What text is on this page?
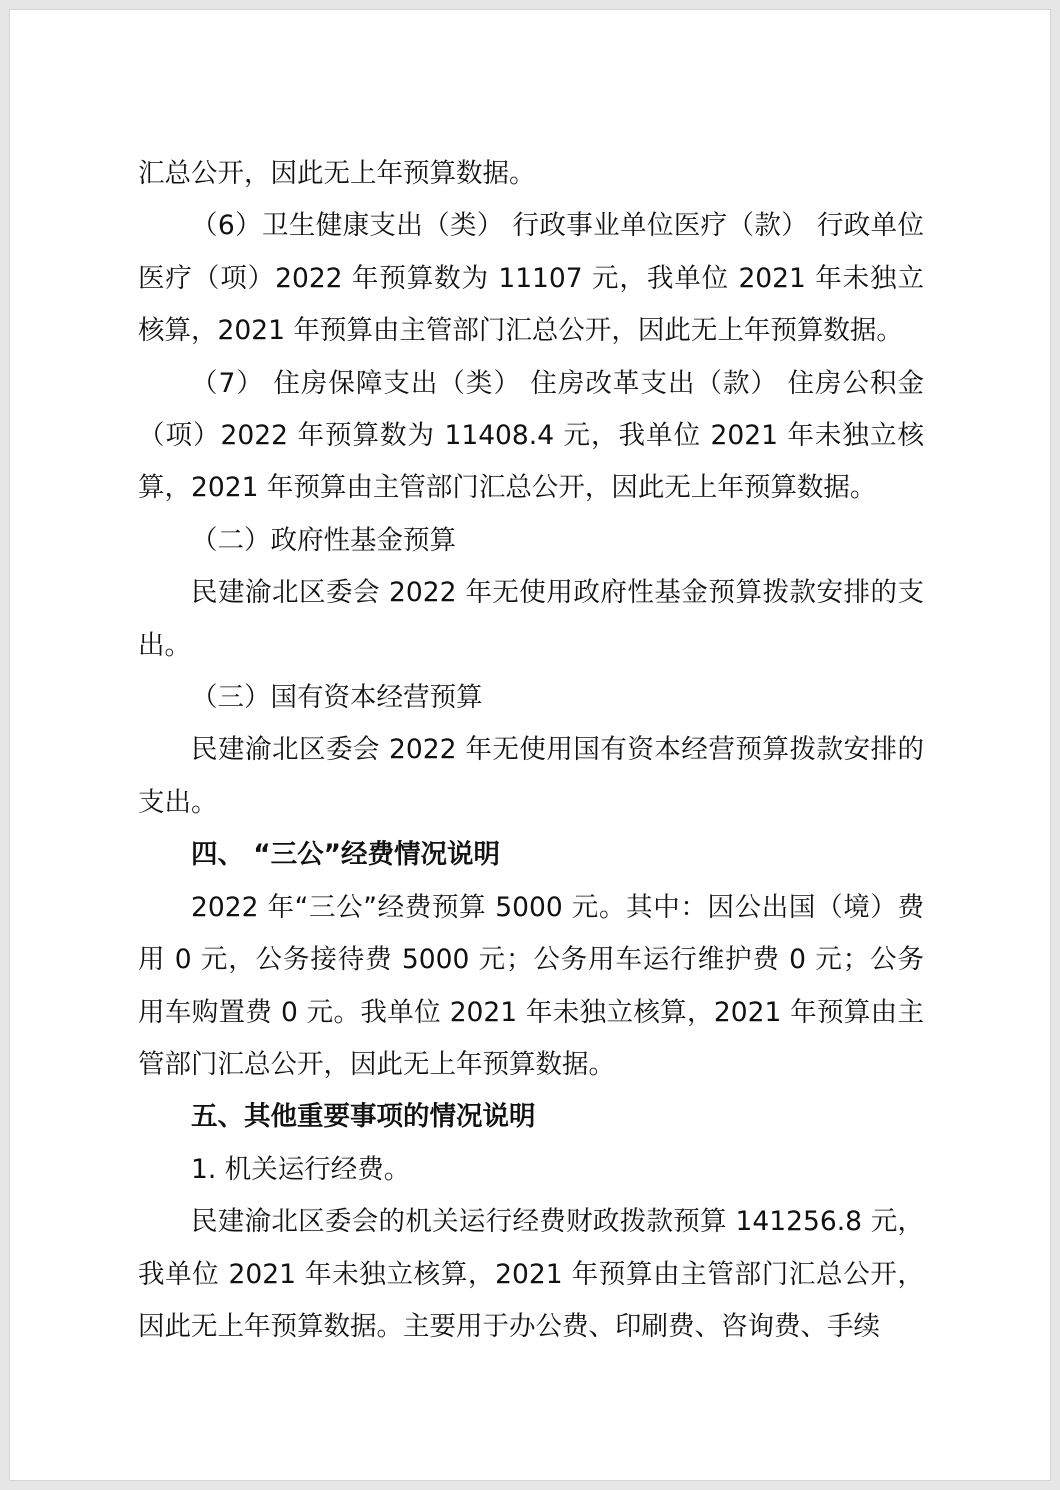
汇总公开，因此无上年预算数据。

（6）卫生健康支出（类） 行政事业单位医疗（款） 行政单位医疗（项）2022 年预算数为 11107 元，我单位 2021 年未独立核算，2021 年预算由主管部门汇总公开，因此无上年预算数据。

（7） 住房保障支出（类） 住房改革支出（款） 住房公积金（项）2022 年预算数为 11408.4 元，我单位 2021 年未独立核算，2021 年预算由主管部门汇总公开，因此无上年预算数据。

（二）政府性基金预算

民建渝北区委会 2022 年无使用政府性基金预算拨款安排的支出。

（三）国有资本经营预算

民建渝北区委会 2022 年无使用国有资本经营预算拨款安排的支出。

四、 “三公”经费情况说明

2022 年“三公”经费预算 5000 元。其中：因公出国（境）费用 0 元，公务接待费 5000 元；公务用车运行维护费 0 元；公务用车购置费 0 元。我单位 2021 年未独立核算，2021 年预算由主管部门汇总公开，因此无上年预算数据。

五、其他重要事项的情况说明

1. 机关运行经费。

民建渝北区委会的机关运行经费财政拨款预算 141256.8 元，我单位 2021 年未独立核算，2021 年预算由主管部门汇总公开，因此无上年预算数据。主要用于办公费、印刷费、咨询费、手续
